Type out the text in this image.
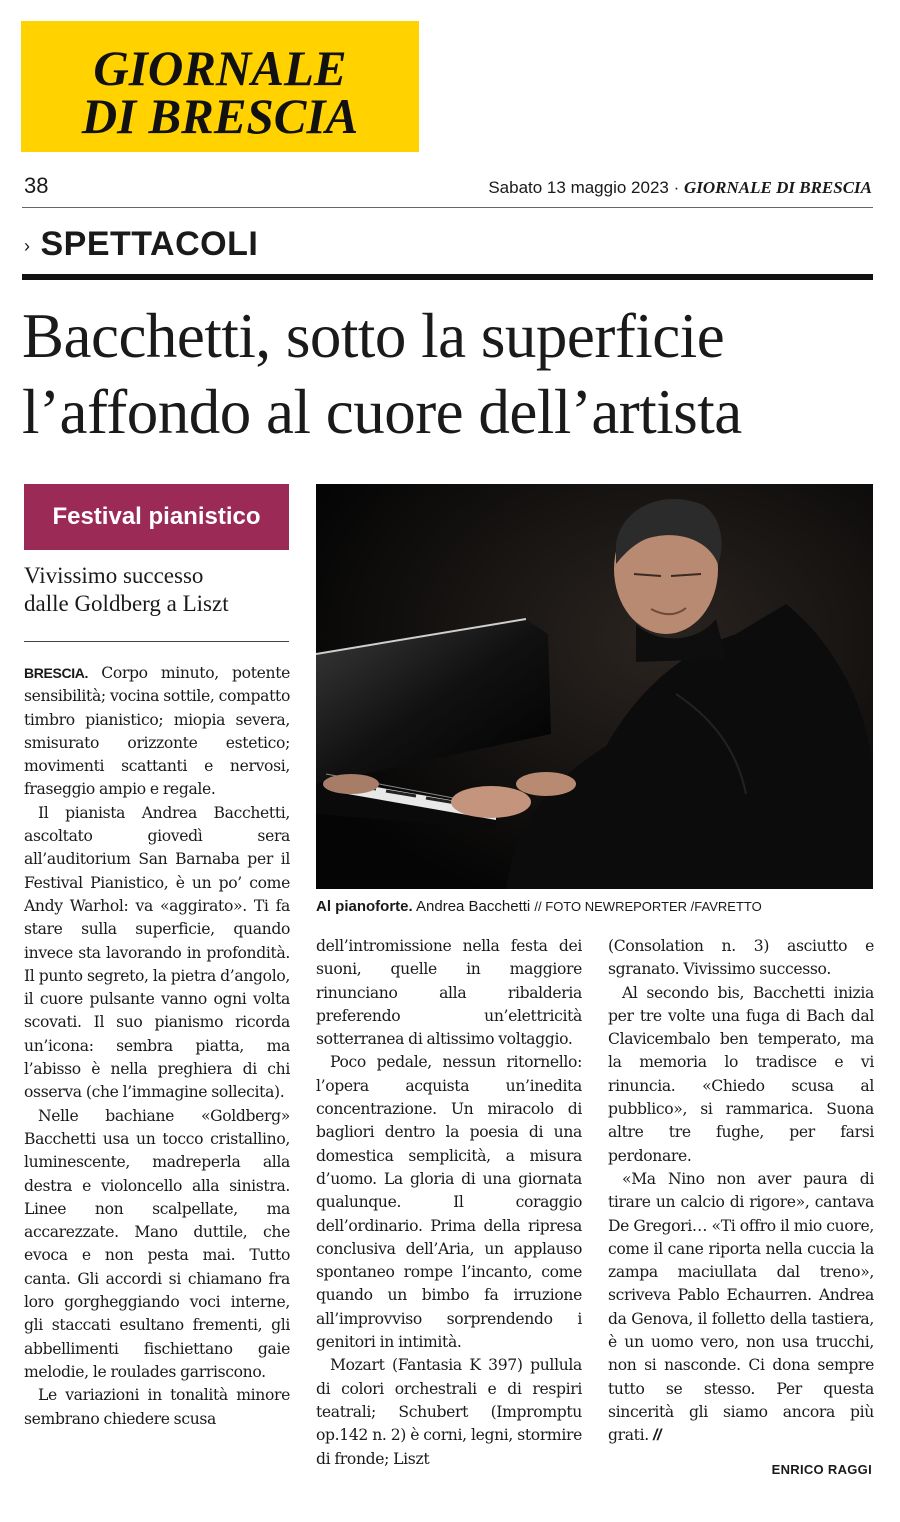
GIORNALE
DI BRESCIA
38	Sabato 13 maggio 2023 · GIORNALE DI BRESCIA
› SPETTACOLI
Bacchetti, sotto la superficie
l’affondo al cuore dell’artista
Festival pianistico
Vivissimo successo
dalle Goldberg a Liszt
Al pianoforte. Andrea Bacchetti // FOTO NEWREPORTER /FAVRETTO

BRESCIA. Corpo minuto, potente sensibilità; vocina sottile, compatto timbro pianistico; miopia severa, smisurato orizzonte estetico; movimenti scattanti e nervosi, fraseggio ampio e regale.

Il pianista Andrea Bacchetti, ascoltato giovedì sera all’auditorium San Barnaba per il Festival Pianistico, è un po’ come Andy Warhol: va «aggirato». Ti fa stare sulla superficie, quando invece sta lavorando in profondità. Il punto segreto, la pietra d’angolo, il cuore pulsante vanno ogni volta scovati. Il suo pianismo ricorda un’icona: sembra piatta, ma l’abisso è nella preghiera di chi osserva (che l’immagine sollecita).

Nelle bachiane «Goldberg» Bacchetti usa un tocco cristallino, luminescente, madreperla alla destra e violoncello alla sinistra. Linee non scalpellate, ma accarezzate. Mano duttile, che evoca e non pesta mai. Tutto canta. Gli accordi si chiamano fra loro gorgheggiando voci interne, gli staccati esultano frementi, gli abbellimenti fischiettano gaie melodie, le roulades garriscono.

Le variazioni in tonalità minore sembrano chiedere scusa

dell’intromissione nella festa dei suoni, quelle in maggiore rinunciano alla ribalderia preferendo un’elettricità sotterranea di altissimo voltaggio.

Poco pedale, nessun ritornello: l’opera acquista un’inedita concentrazione. Un miracolo di bagliori dentro la poesia di una domestica semplicità, a misura d’uomo. La gloria di una giornata qualunque. Il coraggio dell’ordinario. Prima della ripresa conclusiva dell’Aria, un applauso spontaneo rompe l’incanto, come quando un bimbo fa irruzione all’improvviso sorprendendo i genitori in intimità.

Mozart (Fantasia K 397) pullula di colori orchestrali e di respiri teatrali; Schubert (Impromptu op.142 n. 2) è corni, legni, stormire di fronde; Liszt

(Consolation n. 3) asciutto e sgranato. Vivissimo successo.

Al secondo bis, Bacchetti inizia per tre volte una fuga di Bach dal Clavicembalo ben temperato, ma la memoria lo tradisce e vi rinuncia. «Chiedo scusa al pubblico», si rammarica. Suona altre tre fughe, per farsi perdonare.

«Ma Nino non aver paura di tirare un calcio di rigore», cantava De Gregori… «Ti offro il mio cuore, come il cane riporta nella cuccia la zampa maciullata dal treno», scriveva Pablo Echaurren. Andrea da Genova, il folletto della tastiera, è un uomo vero, non usa trucchi, non si nasconde. Ci dona sempre tutto se stesso. Per questa sincerità gli siamo ancora più grati. //

ENRICO RAGGI
